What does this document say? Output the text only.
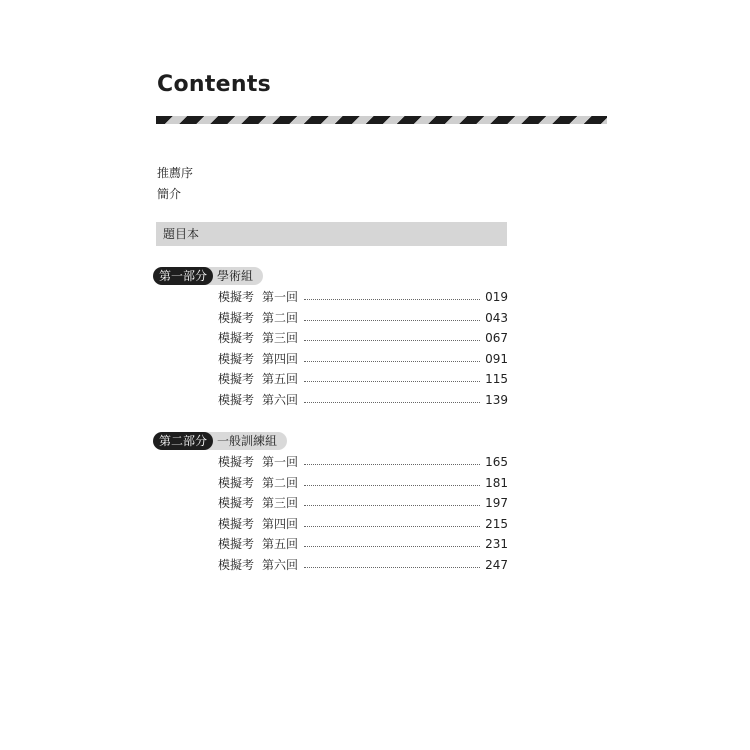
Contents
推薦序
簡介
題目本
第一部分 學術組
模擬考 第一回	019
模擬考 第二回	043
模擬考 第三回	067
模擬考 第四回	091
模擬考 第五回	115
模擬考 第六回	139
第二部分 一般訓練組
模擬考 第一回	165
模擬考 第二回	181
模擬考 第三回	197
模擬考 第四回	215
模擬考 第五回	231
模擬考 第六回	247
